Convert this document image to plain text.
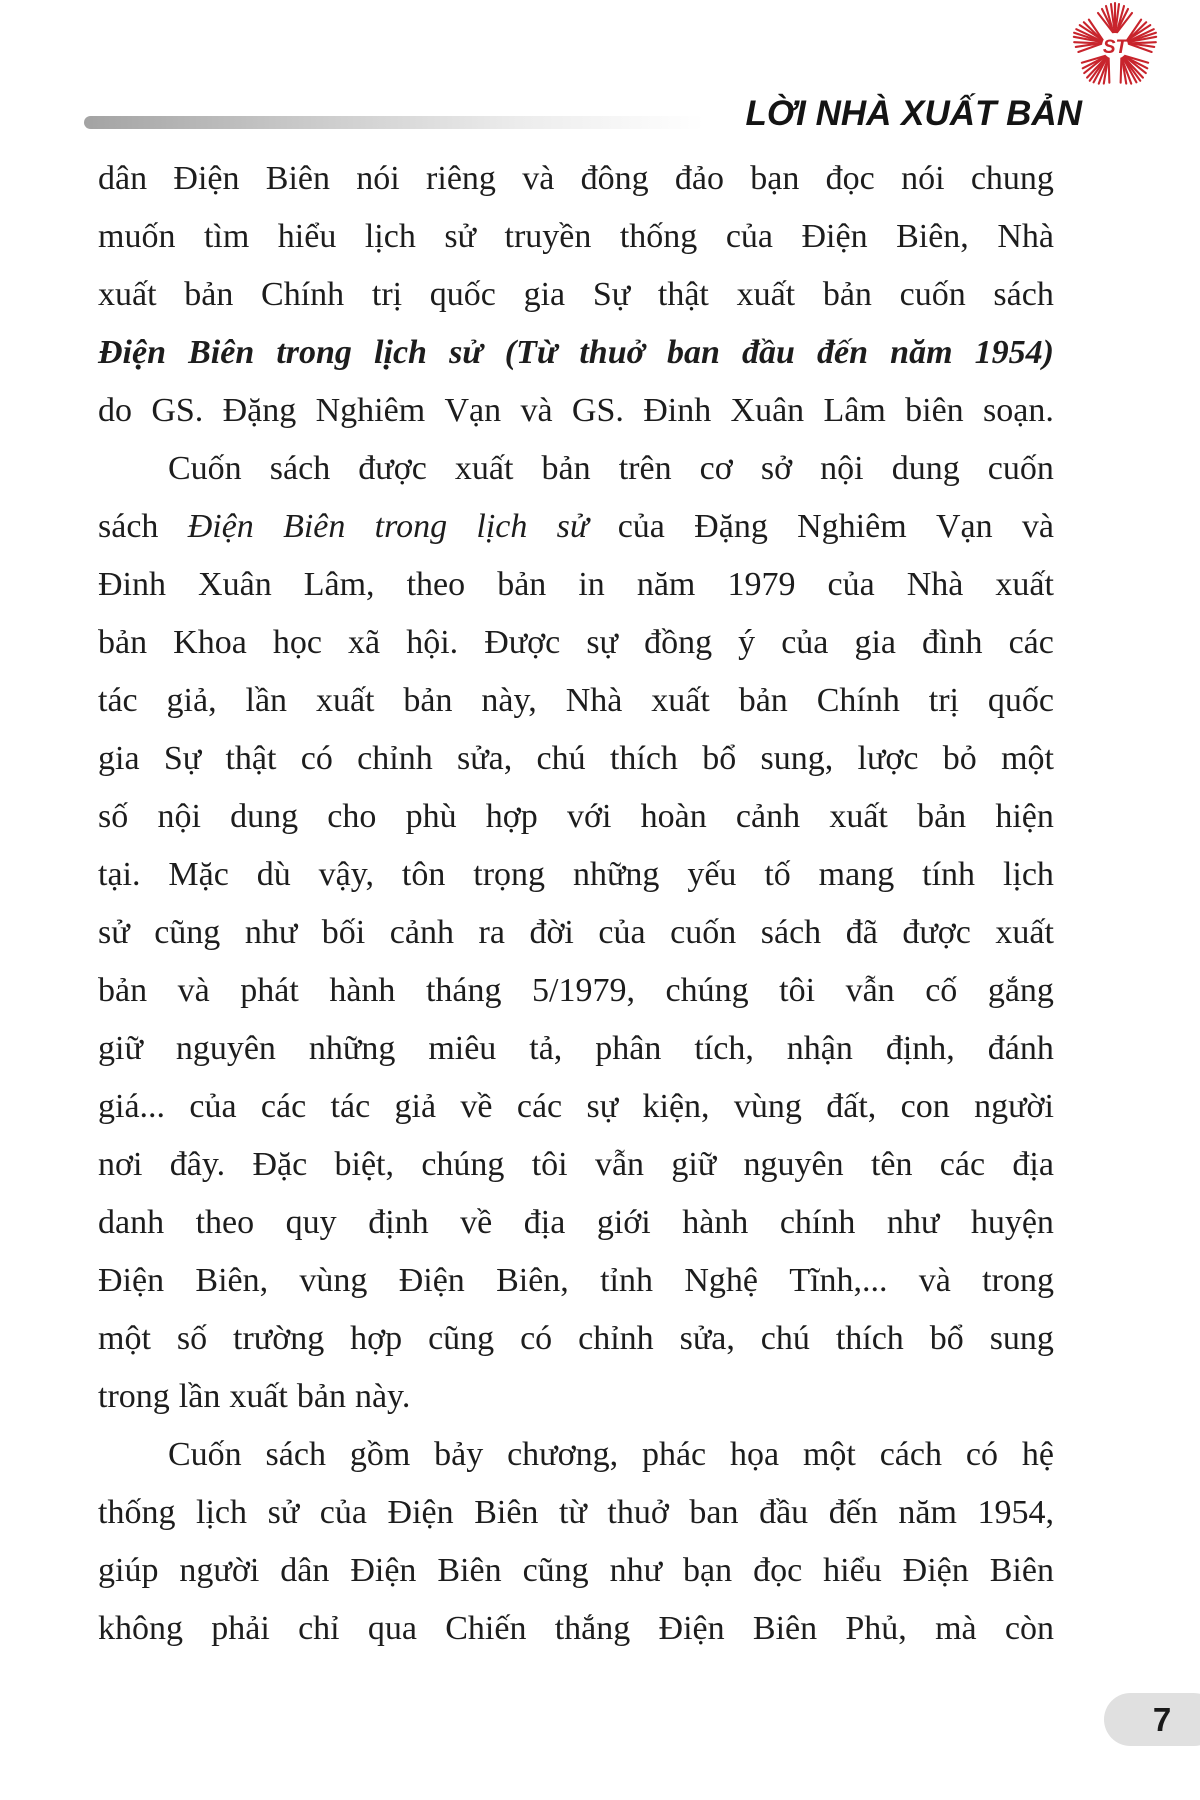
LỜI NHÀ XUẤT BẢN
ST
dân Điện Biên nói riêng và đông đảo bạn đọc nói chung
muốn tìm hiểu lịch sử truyền thống của Điện Biên, Nhà
xuất bản Chính trị quốc gia Sự thật xuất bản cuốn sách
Điện Biên trong lịch sử (Từ thuở ban đầu đến năm 1954)
do GS. Đặng Nghiêm Vạn và GS. Đinh Xuân Lâm biên soạn.
Cuốn sách được xuất bản trên cơ sở nội dung cuốn
sách Điện Biên trong lịch sử của Đặng Nghiêm Vạn và
Đinh Xuân Lâm, theo bản in năm 1979 của Nhà xuất
bản Khoa học xã hội. Được sự đồng ý của gia đình các
tác giả, lần xuất bản này, Nhà xuất bản Chính trị quốc
gia Sự thật có chỉnh sửa, chú thích bổ sung, lược bỏ một
số nội dung cho phù hợp với hoàn cảnh xuất bản hiện
tại. Mặc dù vậy, tôn trọng những yếu tố mang tính lịch
sử cũng như bối cảnh ra đời của cuốn sách đã được xuất
bản và phát hành tháng 5/1979, chúng tôi vẫn cố gắng
giữ nguyên những miêu tả, phân tích, nhận định, đánh
giá... của các tác giả về các sự kiện, vùng đất, con người
nơi đây. Đặc biệt, chúng tôi vẫn giữ nguyên tên các địa
danh theo quy định về địa giới hành chính như huyện
Điện Biên, vùng Điện Biên, tỉnh Nghệ Tĩnh,... và trong
một số trường hợp cũng có chỉnh sửa, chú thích bổ sung
trong lần xuất bản này.
Cuốn sách gồm bảy chương, phác họa một cách có hệ
thống lịch sử của Điện Biên từ thuở ban đầu đến năm 1954,
giúp người dân Điện Biên cũng như bạn đọc hiểu Điện Biên
không phải chỉ qua Chiến thắng Điện Biên Phủ, mà còn
7
